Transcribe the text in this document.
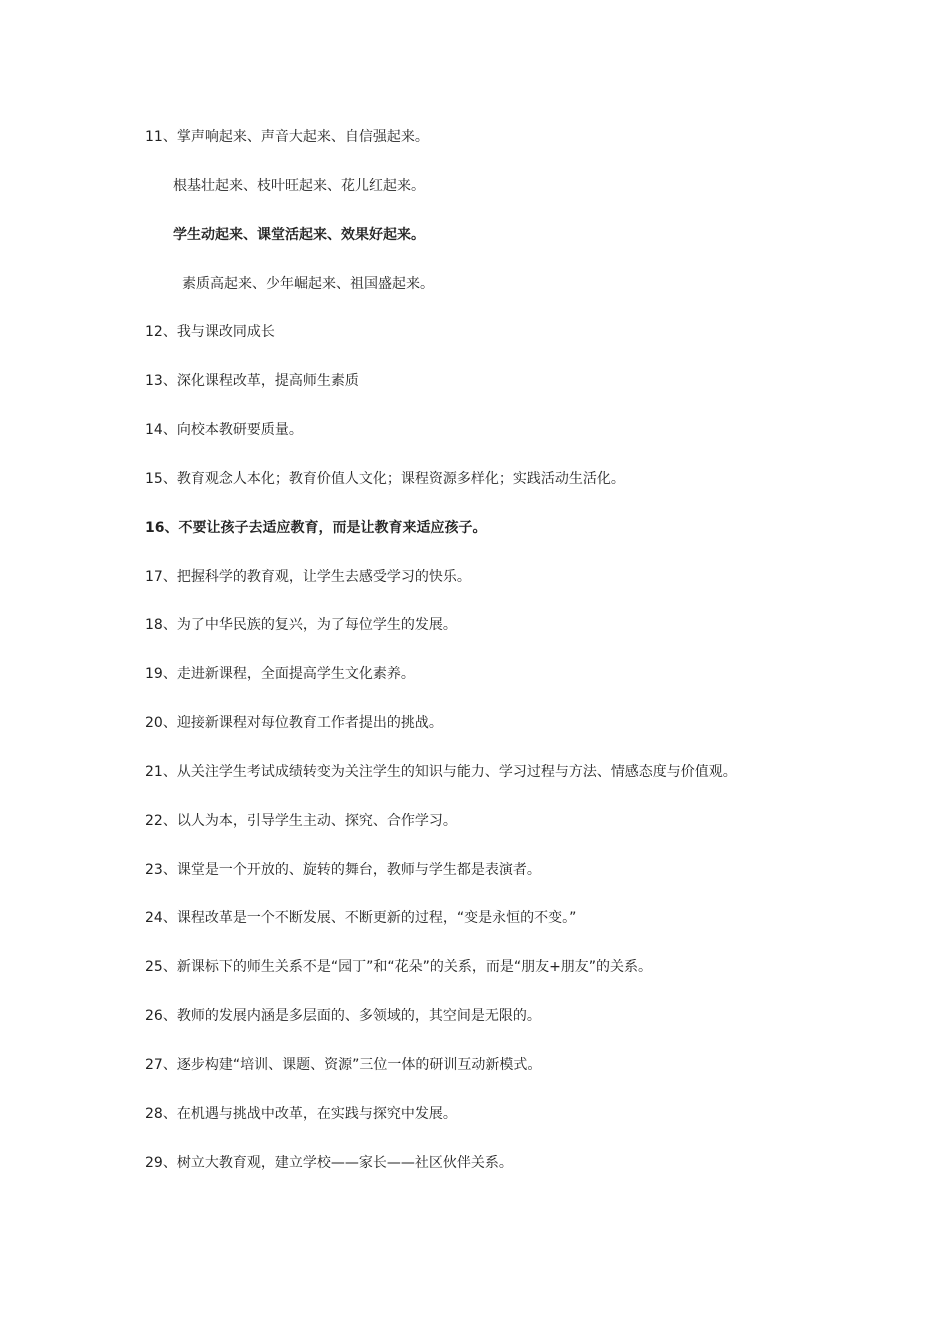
11、掌声响起来、声音大起来、自信强起来。
根基壮起来、枝叶旺起来、花儿红起来。
学生动起来、课堂活起来、效果好起来。
素质高起来、少年崛起来、祖国盛起来。
12、我与课改同成长
13、深化课程改革，提高师生素质
14、向校本教研要质量。
15、教育观念人本化；教育价值人文化；课程资源多样化；实践活动生活化。
16、不要让孩子去适应教育，而是让教育来适应孩子。
17、把握科学的教育观，让学生去感受学习的快乐。
18、为了中华民族的复兴，为了每位学生的发展。
19、走进新课程，全面提高学生文化素养。
20、迎接新课程对每位教育工作者提出的挑战。
21、从关注学生考试成绩转变为关注学生的知识与能力、学习过程与方法、情感态度与价值观。
22、以人为本，引导学生主动、探究、合作学习。
23、课堂是一个开放的、旋转的舞台，教师与学生都是表演者。
24、课程改革是一个不断发展、不断更新的过程，“变是永恒的不变。”
25、新课标下的师生关系不是“园丁”和“花朵”的关系，而是“朋友+朋友”的关系。
26、教师的发展内涵是多层面的、多领域的，其空间是无限的。
27、逐步构建“培训、课题、资源”三位一体的研训互动新模式。
28、在机遇与挑战中改革，在实践与探究中发展。
29、树立大教育观，建立学校——家长——社区伙伴关系。
